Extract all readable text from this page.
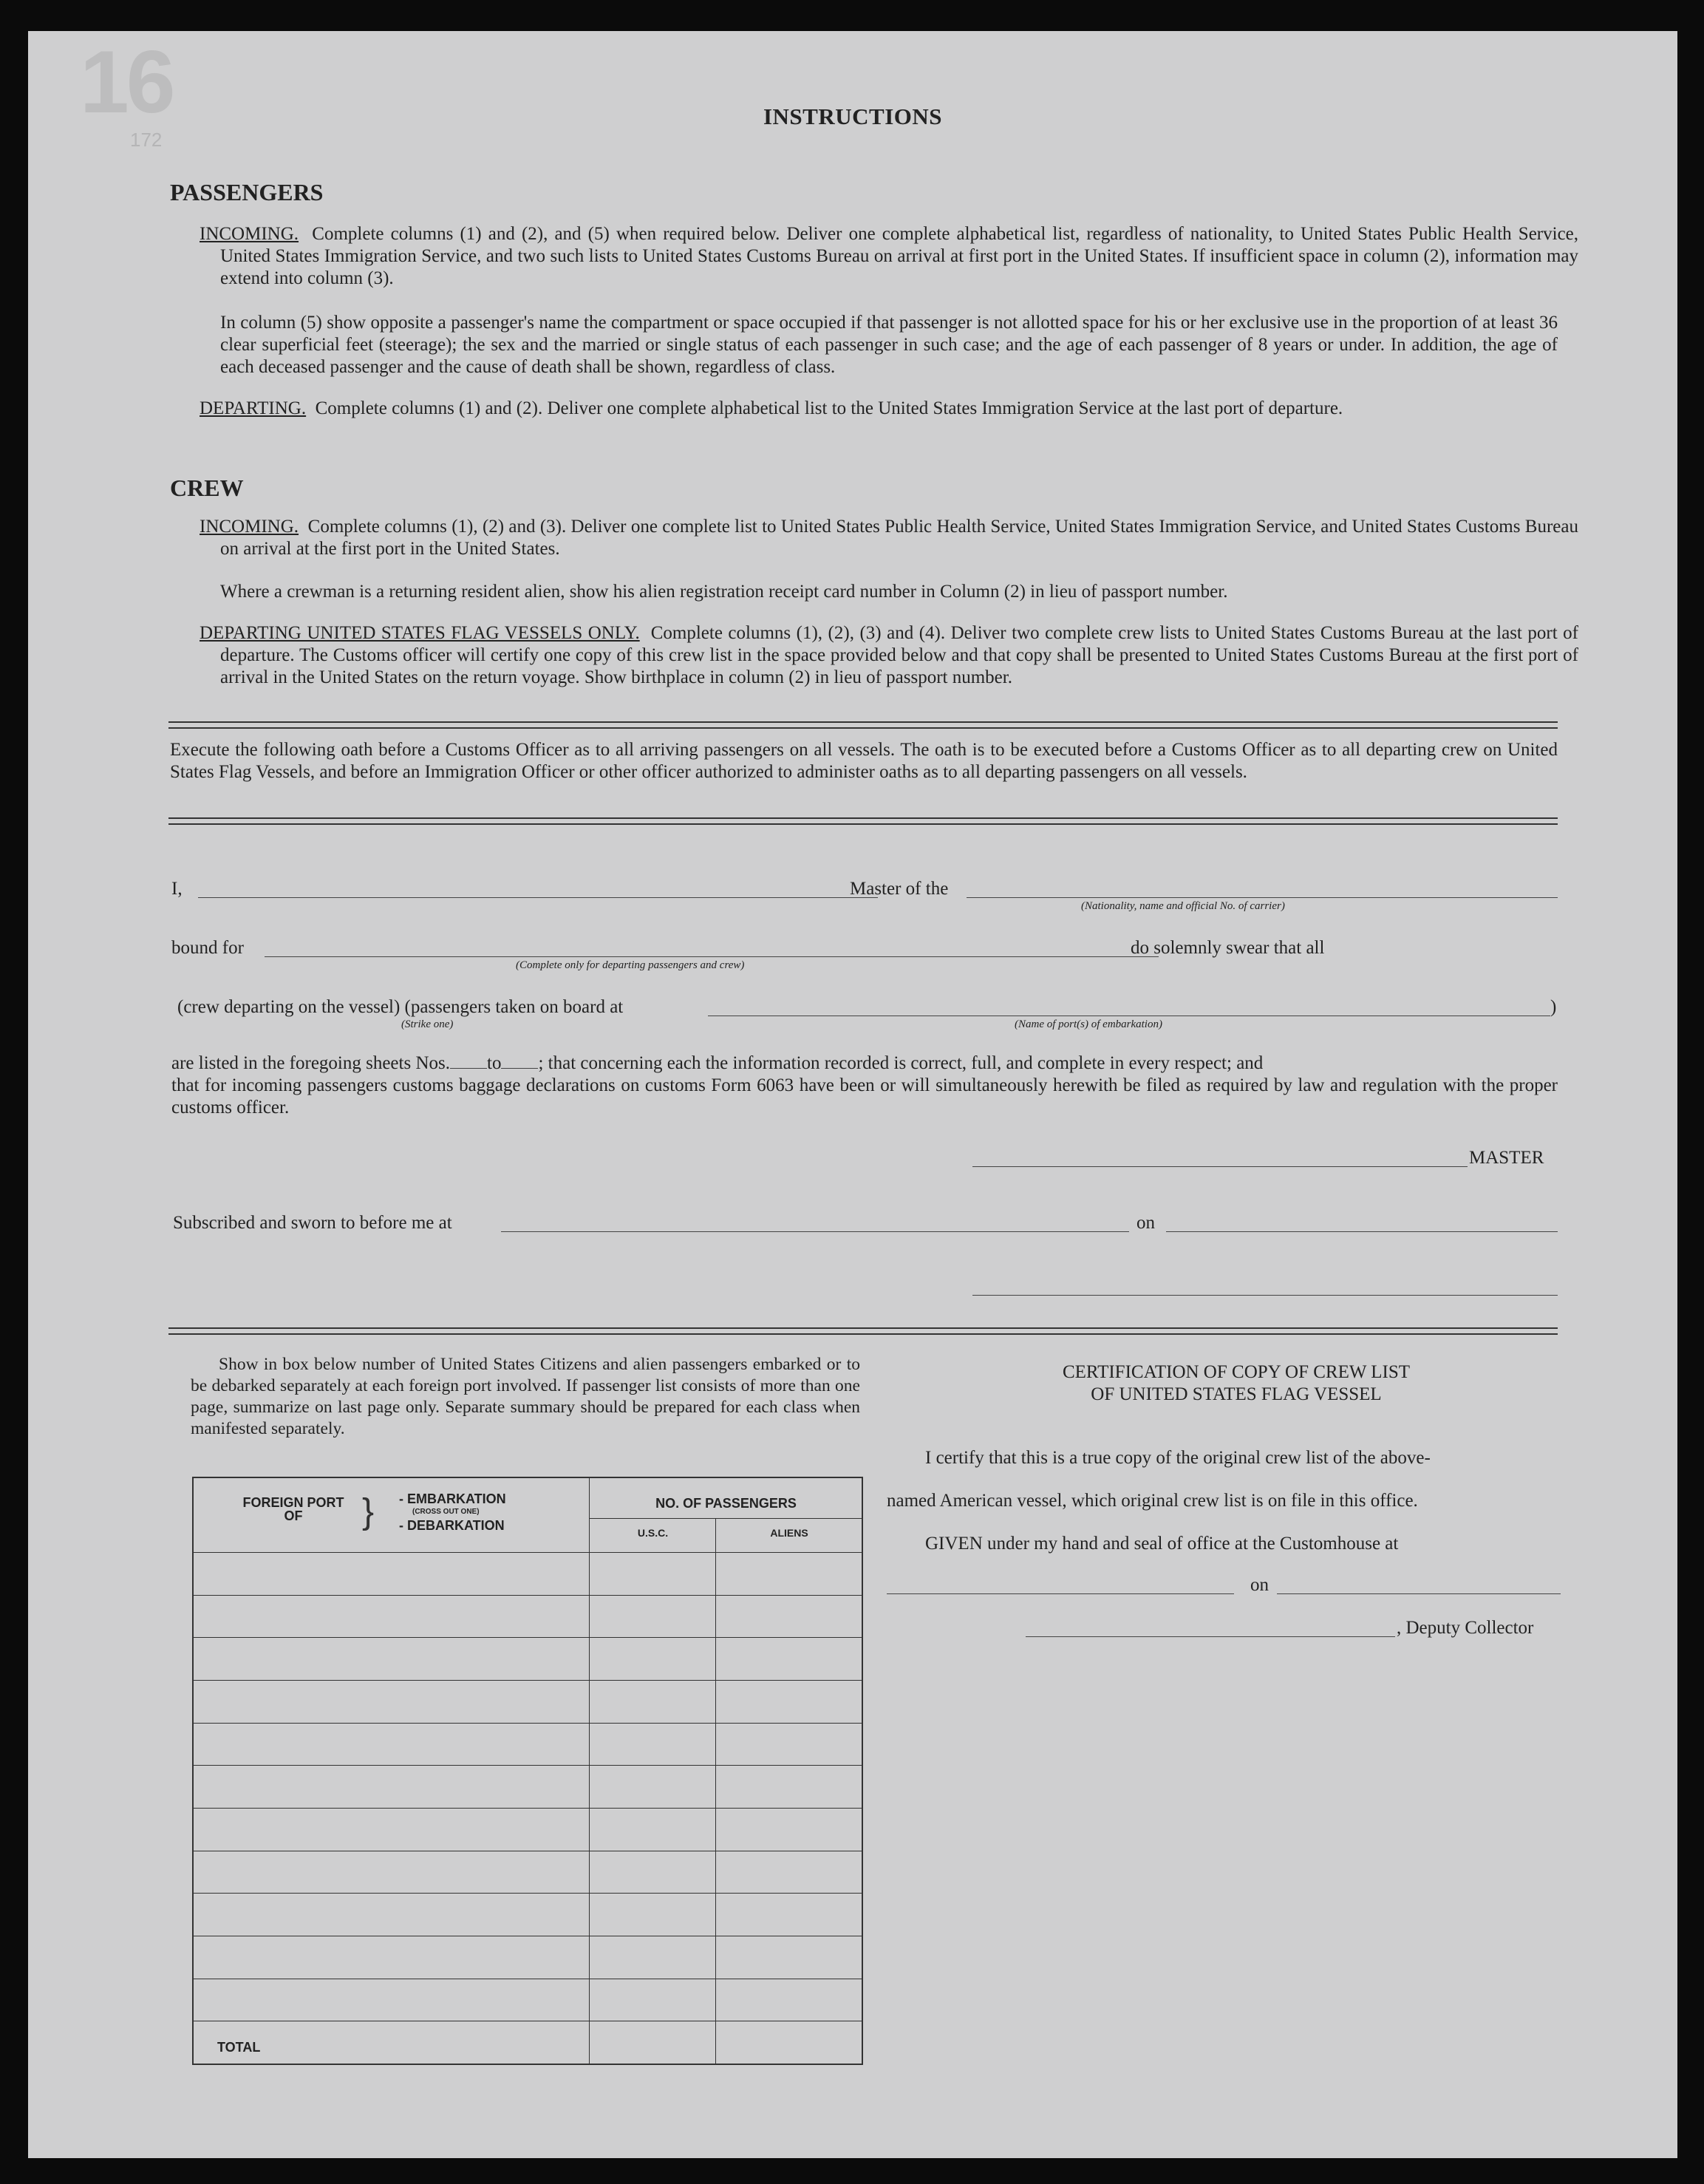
16
172
INSTRUCTIONS
PASSENGERS
INCOMING. Complete columns (1) and (2), and (5) when required below. Deliver one complete alphabetical list, regardless of nationality, to United States Public Health Service, United States Immigration Service, and two such lists to United States Customs Bureau on arrival at first port in the United States. If insufficient space in column (2), information may extend into column (3).
In column (5) show opposite a passenger's name the compartment or space occupied if that passenger is not allotted space for his or her exclusive use in the proportion of at least 36 clear superficial feet (steerage); the sex and the married or single status of each passenger in such case; and the age of each passenger of 8 years or under. In addition, the age of each deceased passenger and the cause of death shall be shown, regardless of class.
DEPARTING. Complete columns (1) and (2). Deliver one complete alphabetical list to the United States Immigration Service at the last port of departure.
CREW
INCOMING. Complete columns (1), (2) and (3). Deliver one complete list to United States Public Health Service, United States Immigration Service, and United States Customs Bureau on arrival at the first port in the United States.
Where a crewman is a returning resident alien, show his alien registration receipt card number in Column (2) in lieu of passport number.
DEPARTING UNITED STATES FLAG VESSELS ONLY. Complete columns (1), (2), (3) and (4). Deliver two complete crew lists to United States Customs Bureau at the last port of departure. The Customs officer will certify one copy of this crew list in the space provided below and that copy shall be presented to United States Customs Bureau at the first port of arrival in the United States on the return voyage. Show birthplace in column (2) in lieu of passport number.
Execute the following oath before a Customs Officer as to all arriving passengers on all vessels. The oath is to be executed before a Customs Officer as to all departing crew on United States Flag Vessels, and before an Immigration Officer or other officer authorized to administer oaths as to all departing passengers on all vessels.
I,	Master of the
(Nationality, name and official No. of carrier)
bound for
(Complete only for departing passengers and crew)
do solemnly swear that all
(crew departing on the vessel) (passengers taken on board at	)
(Strike one)	(Name of port(s) of embarkation)
are listed in the foregoing sheets Nos. to ; that concerning each the information recorded is correct, full, and complete in every respect; and
that for incoming passengers customs baggage declarations on customs Form 6063 have been or will simultaneously herewith be filed as required by law and regulation with the proper customs officer.
MASTER
Subscribed and sworn to before me at	on
Show in box below number of United States Citizens and alien passengers embarked or to be debarked separately at each foreign port involved. If passenger list consists of more than one page, summarize on last page only. Separate summary should be prepared for each class when manifested separately.
FOREIGN PORT OF	} - EMBARKATION
(CROSS OUT ONE)
- DEBARKATION
NO. OF PASSENGERS
U.S.C.	ALIENS
TOTAL
CERTIFICATION OF COPY OF CREW LIST
OF UNITED STATES FLAG VESSEL
I certify that this is a true copy of the original crew list of the above-
named American vessel, which original crew list is on file in this office.
GIVEN under my hand and seal of office at the Customhouse at
on
, Deputy Collector
